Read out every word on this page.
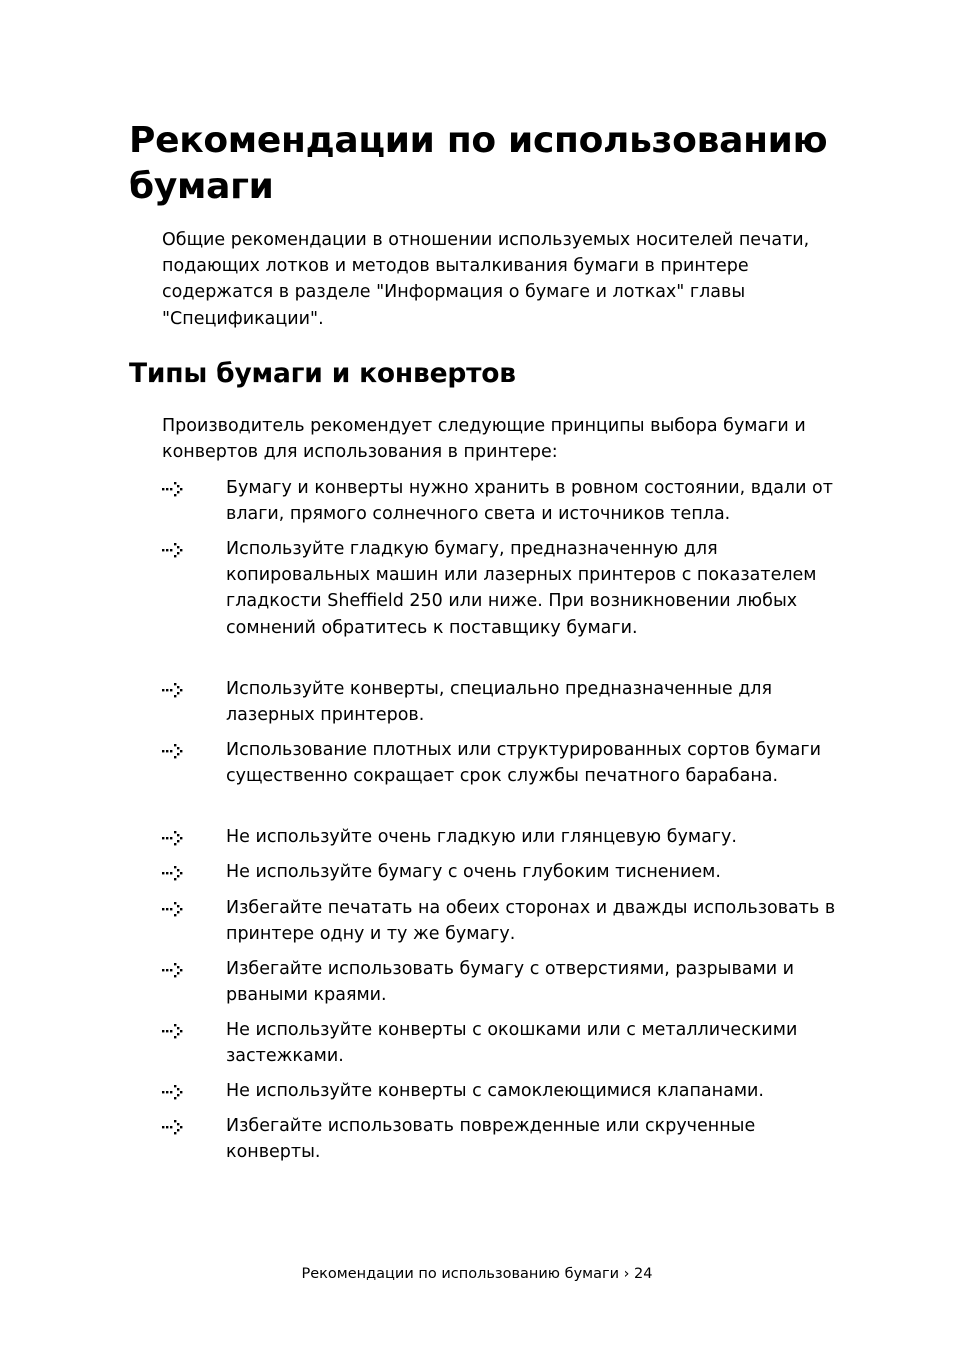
Рекомендации по использованию бумаги

Общие рекомендации в отношении используемых носителей печати, подающих лотков и методов выталкивания бумаги в принтере содержатся в разделе "Информация о бумаге и лотках" главы "Спецификации".

Типы бумаги и конвертов

Производитель рекомендует следующие принципы выбора бумаги и конвертов для использования в принтере:

Бумагу и конверты нужно хранить в ровном состоянии, вдали от влаги, прямого солнечного света и источников тепла.

Используйте гладкую бумагу, предназначенную для копировальных машин или лазерных принтеров с показателем гладкости Sheffield 250 или ниже. При возникновении любых сомнений обратитесь к поставщику бумаги.

Используйте конверты, специально предназначенные для лазерных принтеров.

Использование плотных или структурированных сортов бумаги существенно сокращает срок службы печатного барабана.

Не используйте очень гладкую или глянцевую бумагу.

Не используйте бумагу с очень глубоким тиснением.

Избегайте печатать на обеих сторонах и дважды использовать в принтере одну и ту же бумагу.

Избегайте использовать бумагу с отверстиями, разрывами и рваными краями.

Не используйте конверты с окошками или с металлическими застежками.

Не используйте конверты с самоклеющимися клапанами.

Избегайте использовать поврежденные или скрученные конверты.

Рекомендации по использованию бумаги › 24
